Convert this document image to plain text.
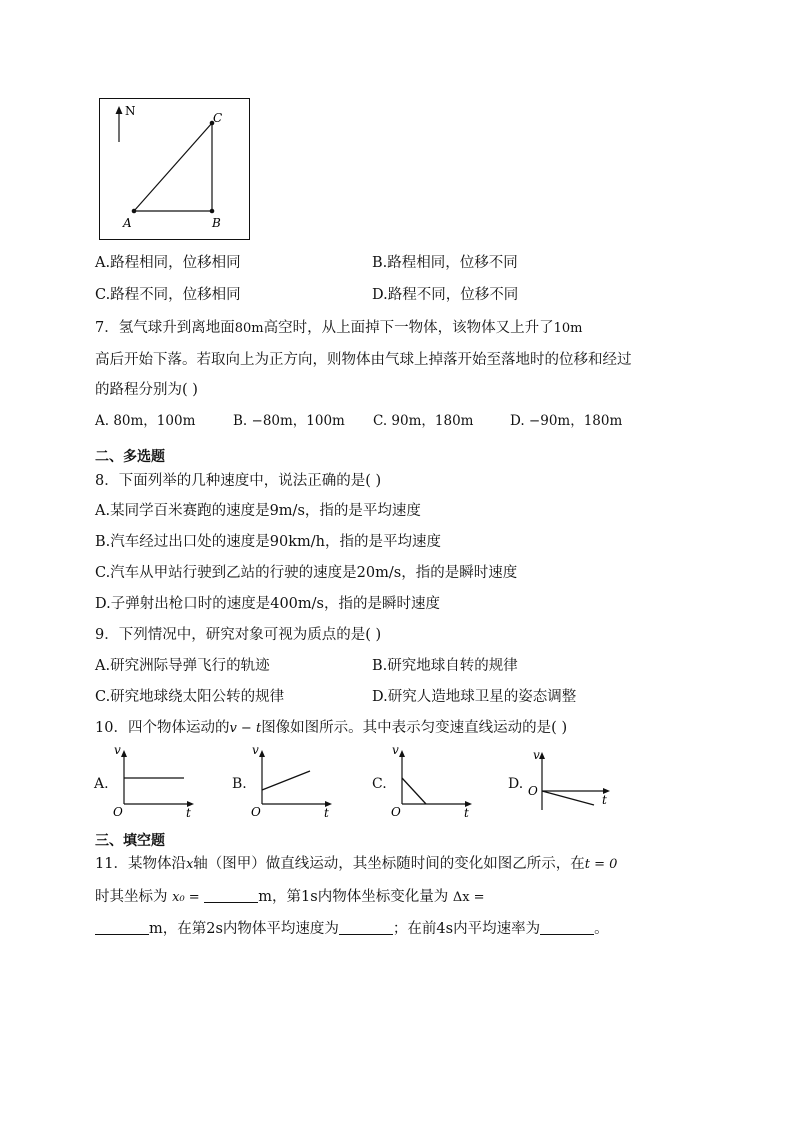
N
A	B
C
A.路程相同，位移相同	B.路程相同，位移不同
C.路程不同，位移相同	D.路程不同，位移不同
7．氢气球升到离地面80m高空时，从上面掉下一物体，该物体又上升了10m
高后开始下落。若取向上为正方向，则物体由气球上掉落开始至落地时的位移和经过
的路程分别为( )
A. 80m，100m	B. −80m，100m C. 90m，180m	D. −90m，180m
二、多选题
8．下面列举的几种速度中，说法正确的是( )
A.某同学百米赛跑的速度是9m/s，指的是平均速度
B.汽车经过出口处的速度是90km/h，指的是平均速度
C.汽车从甲站行驶到乙站的行驶的速度是20m/s，指的是瞬时速度
D.子弹射出枪口时的速度是400m/s，指的是瞬时速度
9．下列情况中，研究对象可视为质点的是( )
A.研究洲际导弹飞行的轨迹	B.研究地球自转的规律
C.研究地球绕太阳公转的规律	D.研究人造地球卫星的姿态调整
10．四个物体运动的v − t图像如图所示。其中表示匀变速直线运动的是( )
A.
v
t
O
B.
v
t
O
C.
v
t
O
D.
v
t
O
三、填空题
11．某物体沿x轴（图甲）做直线运动，其坐标随时间的变化如图乙所示，在t = 0
时其坐标为 x₀ =	m，第1s内物体坐标变化量为 Δx =
m，在第2s内物体平均速度为	；在前4s内平均速率为	。
